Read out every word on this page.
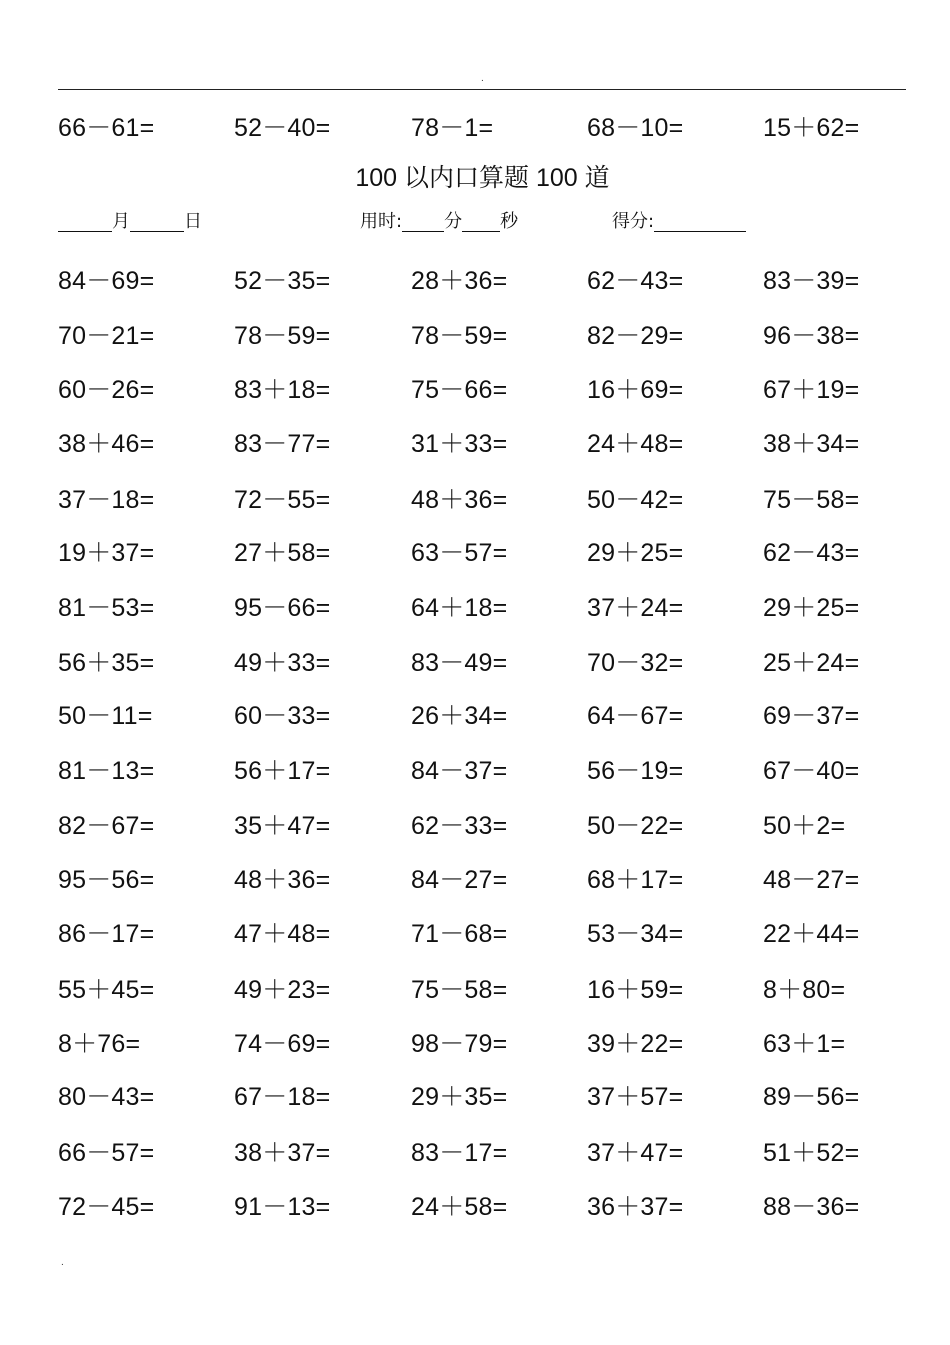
.
66－61=	52－40=	78－1=	68－10=	15＋62=
100 以内口算题 100 道
月	日	用时: 分 秒	得分:
84－69=	52－35=	28＋36=	62－43=	83－39=
70－21=	78－59=	78－59=	82－29=	96－38=
60－26=	83＋18=	75－66=	16＋69=	67＋19=
38＋46=	83－77=	31＋33=	24＋48=	38＋34=
37－18=	72－55=	48＋36=	50－42=	75－58=
19＋37=	27＋58=	63－57=	29＋25=	62－43=
81－53=	95－66=	64＋18=	37＋24=	29＋25=
56＋35=	49＋33=	83－49=	70－32=	25＋24=
50－11=	60－33=	26＋34=	64－67=	69－37=
81－13=	56＋17=	84－37=	56－19=	67－40=
82－67=	35＋47=	62－33=	50－22=	50＋2=
95－56=	48＋36=	84－27=	68＋17=	48－27=
86－17=	47＋48=	71－68=	53－34=	22＋44=
55＋45=	49＋23=	75－58=	16＋59=	8＋80=
8＋76=	74－69=	98－79=	39＋22=	63＋1=
80－43=	67－18=	29＋35=	37＋57=	89－56=
66－57=	38＋37=	83－17=	37＋47=	51＋52=
72－45=	91－13=	24＋58=	36＋37=	88－36=
.
